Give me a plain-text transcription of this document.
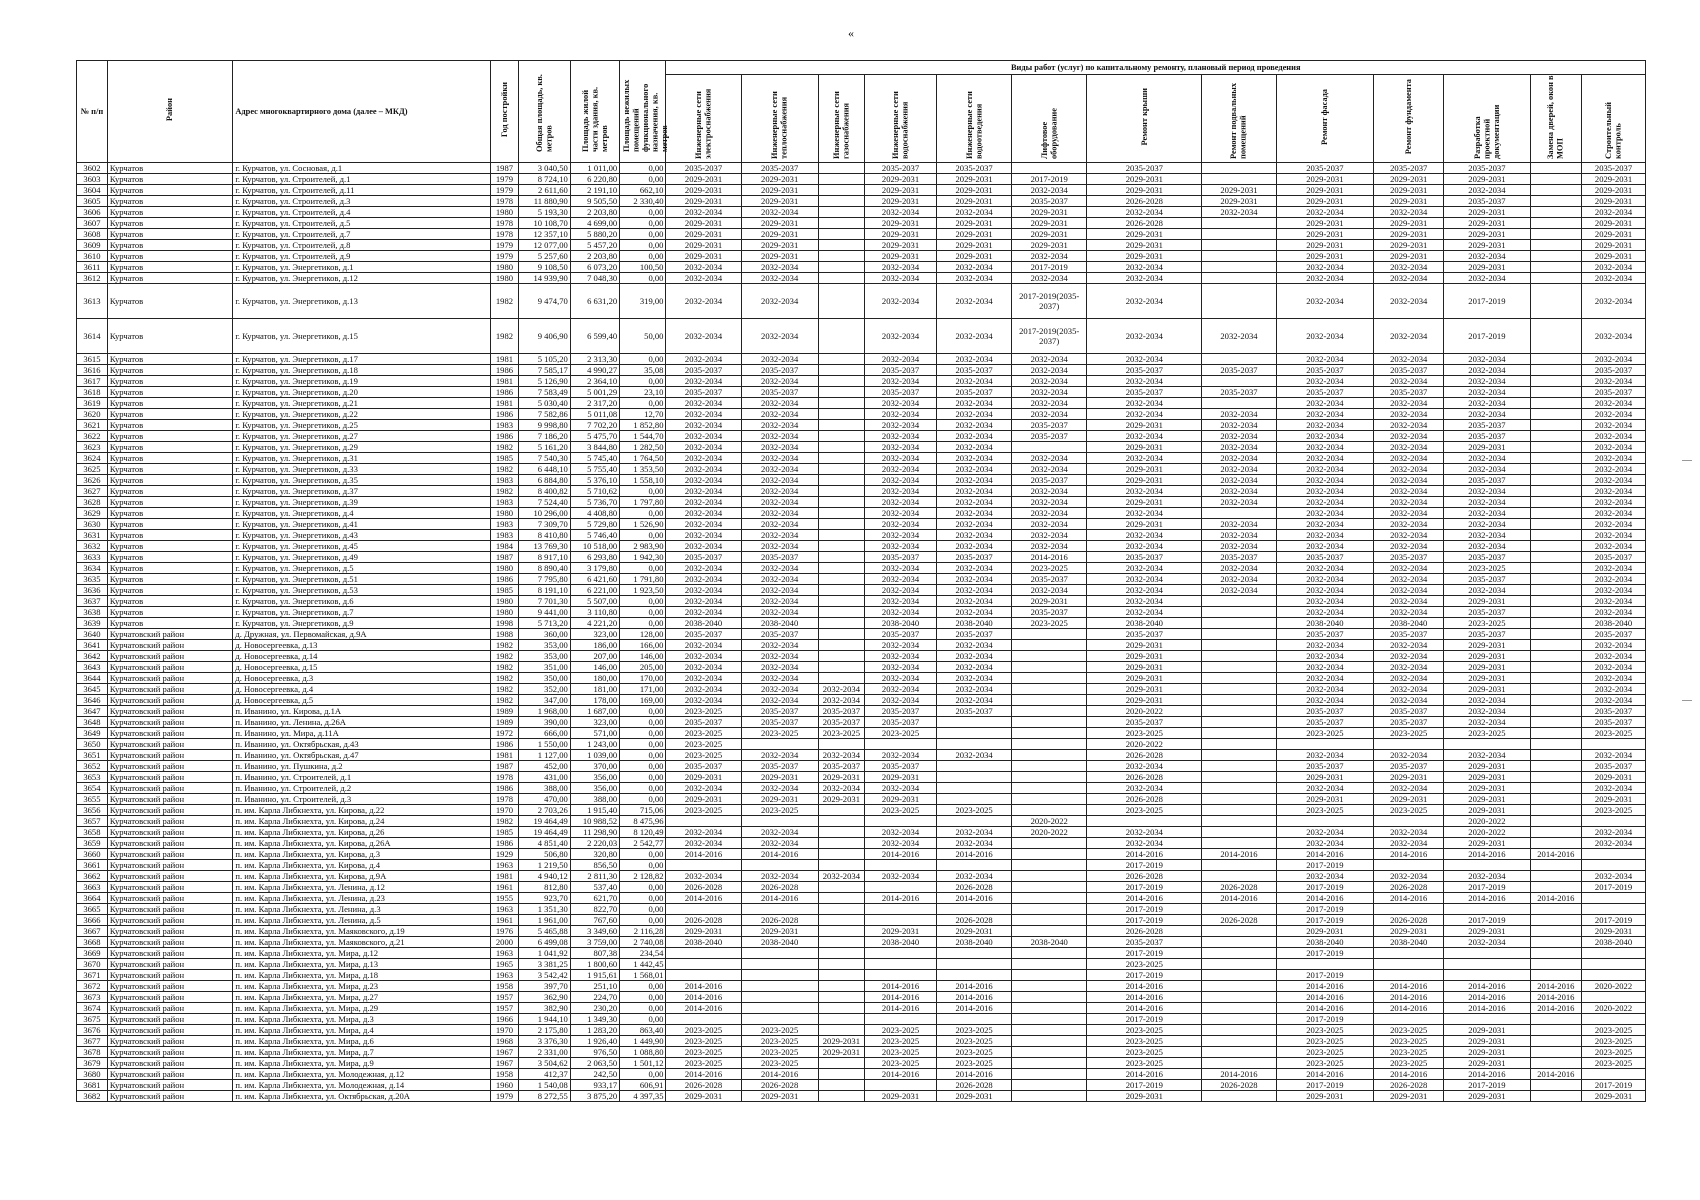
«
№ п/п	Район	Адрес многоквартирного дома (далее – МКД)	Год постройки	Общая площадь, кв. метров	Площадь жилой части здания, кв. метров	Площадь нежилых помещений функционального назначения, кв. метров	Виды работ (услуг) по капитальному ремонту, плановый период проведения												
							Инженерные сети электроснабжения	Инженерные сети теплоснабжения	Инженерные сети газоснабжения	Инженерные сети водоснабжения	Инженерные сети водоотведения	Лифтовое оборудование	Ремонт крыши	Ремонт подвальных помещений	Ремонт фасада	Ремонт фундамента	Разработка проектной документации	Замена дверей, окон в МОП	Строительный контроль
3602	Курчатов	г. Курчатов, ул. Сосновая, д.1	1987	3 040,50	1 011,00	0,00	2035-2037	2035-2037		2035-2037	2035-2037		2035-2037		2035-2037	2035-2037	2035-2037		2035-2037
3603	Курчатов	г. Курчатов, ул. Строителей, д.1	1979	8 724,10	6 220,80	0,00	2029-2031	2029-2031		2029-2031	2029-2031	2017-2019	2029-2031		2029-2031	2029-2031	2029-2031		2029-2031
3604	Курчатов	г. Курчатов, ул. Строителей, д.11	1979	2 611,60	2 191,10	662,10	2029-2031	2029-2031		2029-2031	2029-2031	2032-2034	2029-2031	2029-2031	2029-2031	2029-2031	2032-2034		2029-2031
3605	Курчатов	г. Курчатов, ул. Строителей, д.3	1978	11 880,90	9 505,50	2 330,40	2029-2031	2029-2031		2029-2031	2029-2031	2035-2037	2026-2028	2029-2031	2029-2031	2029-2031	2035-2037		2029-2031
3606	Курчатов	г. Курчатов, ул. Строителей, д.4	1980	5 193,30	2 203,80	0,00	2032-2034	2032-2034		2032-2034	2032-2034	2029-2031	2032-2034	2032-2034	2032-2034	2032-2034	2029-2031		2032-2034
3607	Курчатов	г. Курчатов, ул. Строителей, д.5	1978	10 108,70	4 699,00	0,00	2029-2031	2029-2031		2029-2031	2029-2031	2029-2031	2026-2028		2029-2031	2029-2031	2029-2031		2029-2031
3608	Курчатов	г. Курчатов, ул. Строителей, д.7	1978	12 357,10	5 880,20	0,00	2029-2031	2029-2031		2029-2031	2029-2031	2029-2031	2029-2031		2029-2031	2029-2031	2029-2031		2029-2031
3609	Курчатов	г. Курчатов, ул. Строителей, д.8	1979	12 077,00	5 457,20	0,00	2029-2031	2029-2031		2029-2031	2029-2031	2029-2031	2029-2031		2029-2031	2029-2031	2029-2031		2029-2031
3610	Курчатов	г. Курчатов, ул. Строителей, д.9	1979	5 257,60	2 203,80	0,00	2029-2031	2029-2031		2029-2031	2029-2031	2032-2034	2029-2031		2029-2031	2029-2031	2032-2034		2029-2031
3611	Курчатов	г. Курчатов, ул. Энергетиков, д.1	1980	9 108,50	6 073,20	100,50	2032-2034	2032-2034		2032-2034	2032-2034	2017-2019	2032-2034		2032-2034	2032-2034	2029-2031		2032-2034
3612	Курчатов	г. Курчатов, ул. Энергетиков, д.12	1980	14 939,90	7 048,30	0,00	2032-2034	2032-2034		2032-2034	2032-2034	2032-2034	2032-2034		2032-2034	2032-2034	2032-2034		2032-2034
3613	Курчатов	г. Курчатов, ул. Энергетиков, д.13	1982	9 474,70	6 631,20	319,00	2032-2034	2032-2034		2032-2034	2032-2034	2017-2019(2035-2037)	2032-2034		2032-2034	2032-2034	2017-2019		2032-2034
3614	Курчатов	г. Курчатов, ул. Энергетиков, д.15	1982	9 406,90	6 599,40	50,00	2032-2034	2032-2034		2032-2034	2032-2034	2017-2019(2035-2037)	2032-2034	2032-2034	2032-2034	2032-2034	2017-2019		2032-2034
3615	Курчатов	г. Курчатов, ул. Энергетиков, д.17	1981	5 105,20	2 313,30	0,00	2032-2034	2032-2034		2032-2034	2032-2034	2032-2034	2032-2034		2032-2034	2032-2034	2032-2034		2032-2034
3616	Курчатов	г. Курчатов, ул. Энергетиков, д.18	1986	7 585,17	4 990,27	35,08	2035-2037	2035-2037		2035-2037	2035-2037	2032-2034	2035-2037	2035-2037	2035-2037	2035-2037	2032-2034		2035-2037
3617	Курчатов	г. Курчатов, ул. Энергетиков, д.19	1981	5 126,90	2 364,10	0,00	2032-2034	2032-2034		2032-2034	2032-2034	2032-2034	2032-2034		2032-2034	2032-2034	2032-2034		2032-2034
3618	Курчатов	г. Курчатов, ул. Энергетиков, д.20	1986	7 583,49	5 001,29	23,10	2035-2037	2035-2037		2035-2037	2035-2037	2032-2034	2035-2037	2035-2037	2035-2037	2035-2037	2032-2034		2035-2037
3619	Курчатов	г. Курчатов, ул. Энергетиков, д.21	1981	5 030,40	2 317,20	0,00	2032-2034	2032-2034		2032-2034	2032-2034	2032-2034	2032-2034		2032-2034	2032-2034	2032-2034		2032-2034
3620	Курчатов	г. Курчатов, ул. Энергетиков, д.22	1986	7 582,86	5 011,08	12,70	2032-2034	2032-2034		2032-2034	2032-2034	2032-2034	2032-2034	2032-2034	2032-2034	2032-2034	2032-2034		2032-2034
3621	Курчатов	г. Курчатов, ул. Энергетиков, д.25	1983	9 998,80	7 702,20	1 852,80	2032-2034	2032-2034		2032-2034	2032-2034	2035-2037	2029-2031	2032-2034	2032-2034	2032-2034	2035-2037		2032-2034
3622	Курчатов	г. Курчатов, ул. Энергетиков, д.27	1986	7 186,20	5 475,70	1 544,70	2032-2034	2032-2034		2032-2034	2032-2034	2035-2037	2032-2034	2032-2034	2032-2034	2032-2034	2035-2037		2032-2034
3623	Курчатов	г. Курчатов, ул. Энергетиков, д.29	1982	5 161,20	3 844,80	1 282,50	2032-2034	2032-2034		2032-2034	2032-2034		2029-2031	2032-2034	2032-2034	2032-2034	2029-2031		2032-2034
3624	Курчатов	г. Курчатов, ул. Энергетиков, д.31	1985	7 540,30	5 745,40	1 764,50	2032-2034	2032-2034		2032-2034	2032-2034	2032-2034	2032-2034	2032-2034	2032-2034	2032-2034	2032-2034		2032-2034
3625	Курчатов	г. Курчатов, ул. Энергетиков, д.33	1982	6 448,10	5 755,40	1 353,50	2032-2034	2032-2034		2032-2034	2032-2034	2032-2034	2029-2031	2032-2034	2032-2034	2032-2034	2032-2034		2032-2034
3626	Курчатов	г. Курчатов, ул. Энергетиков, д.35	1983	6 884,80	5 376,10	1 558,10	2032-2034	2032-2034		2032-2034	2032-2034	2035-2037	2029-2031	2032-2034	2032-2034	2032-2034	2035-2037		2032-2034
3627	Курчатов	г. Курчатов, ул. Энергетиков, д.37	1982	8 400,82	5 710,62	0,00	2032-2034	2032-2034		2032-2034	2032-2034	2032-2034	2032-2034	2032-2034	2032-2034	2032-2034	2032-2034		2032-2034
3628	Курчатов	г. Курчатов, ул. Энергетиков, д.39	1983	7 524,40	5 736,70	1 797,80	2032-2034	2032-2034		2032-2034	2032-2034	2032-2034	2029-2031	2032-2034	2032-2034	2032-2034	2032-2034		2032-2034
3629	Курчатов	г. Курчатов, ул. Энергетиков, д.4	1980	10 296,00	4 408,80	0,00	2032-2034	2032-2034		2032-2034	2032-2034	2032-2034	2032-2034		2032-2034	2032-2034	2032-2034		2032-2034
3630	Курчатов	г. Курчатов, ул. Энергетиков, д.41	1983	7 309,70	5 729,80	1 526,90	2032-2034	2032-2034		2032-2034	2032-2034	2032-2034	2029-2031	2032-2034	2032-2034	2032-2034	2032-2034		2032-2034
3631	Курчатов	г. Курчатов, ул. Энергетиков, д.43	1983	8 410,80	5 746,40	0,00	2032-2034	2032-2034		2032-2034	2032-2034	2032-2034	2032-2034	2032-2034	2032-2034	2032-2034	2032-2034		2032-2034
3632	Курчатов	г. Курчатов, ул. Энергетиков, д.45	1984	13 769,30	10 518,00	2 983,90	2032-2034	2032-2034		2032-2034	2032-2034	2032-2034	2032-2034	2032-2034	2032-2034	2032-2034	2032-2034		2032-2034
3633	Курчатов	г. Курчатов, ул. Энергетиков, д.49	1987	8 917,10	6 293,80	1 942,30	2035-2037	2035-2037		2035-2037	2035-2037	2014-2016	2035-2037	2035-2037	2035-2037	2035-2037	2035-2037		2035-2037
3634	Курчатов	г. Курчатов, ул. Энергетиков, д.5	1980	8 890,40	3 179,80	0,00	2032-2034	2032-2034		2032-2034	2032-2034	2023-2025	2032-2034	2032-2034	2032-2034	2032-2034	2023-2025		2032-2034
3635	Курчатов	г. Курчатов, ул. Энергетиков, д.51	1986	7 795,80	6 421,60	1 791,80	2032-2034	2032-2034		2032-2034	2032-2034	2035-2037	2032-2034	2032-2034	2032-2034	2032-2034	2035-2037		2032-2034
3636	Курчатов	г. Курчатов, ул. Энергетиков, д.53	1985	8 191,10	6 221,00	1 923,50	2032-2034	2032-2034		2032-2034	2032-2034	2032-2034	2032-2034	2032-2034	2032-2034	2032-2034	2032-2034		2032-2034
3637	Курчатов	г. Курчатов, ул. Энергетиков, д.6	1980	7 701,30	5 507,00	0,00	2032-2034	2032-2034		2032-2034	2032-2034	2029-2031	2032-2034		2032-2034	2032-2034	2029-2031		2032-2034
3638	Курчатов	г. Курчатов, ул. Энергетиков, д.7	1980	9 441,00	3 110,80	0,00	2032-2034	2032-2034		2032-2034	2032-2034	2035-2037	2032-2034		2032-2034	2032-2034	2035-2037		2032-2034
3639	Курчатов	г. Курчатов, ул. Энергетиков, д.9	1998	5 713,20	4 221,20	0,00	2038-2040	2038-2040		2038-2040	2038-2040	2023-2025	2038-2040		2038-2040	2038-2040	2023-2025		2038-2040
3640	Курчатовский район	д. Дружная, ул. Первомайская, д.9А	1988	360,00	323,00	128,00	2035-2037	2035-2037		2035-2037	2035-2037		2035-2037		2035-2037	2035-2037	2035-2037		2035-2037
3641	Курчатовский район	д. Новосергеевка, д.13	1982	353,00	186,00	166,00	2032-2034	2032-2034		2032-2034	2032-2034		2029-2031		2032-2034	2032-2034	2029-2031		2032-2034
3642	Курчатовский район	д. Новосергеевка, д.14	1982	353,00	207,00	146,00	2032-2034	2032-2034		2032-2034	2032-2034		2029-2031		2032-2034	2032-2034	2029-2031		2032-2034
3643	Курчатовский район	д. Новосергеевка, д.15	1982	351,00	146,00	205,00	2032-2034	2032-2034		2032-2034	2032-2034		2029-2031		2032-2034	2032-2034	2029-2031		2032-2034
3644	Курчатовский район	д. Новосергеевка, д.3	1982	350,00	180,00	170,00	2032-2034	2032-2034		2032-2034	2032-2034		2029-2031		2032-2034	2032-2034	2029-2031		2032-2034
3645	Курчатовский район	д. Новосергеевка, д.4	1982	352,00	181,00	171,00	2032-2034	2032-2034	2032-2034	2032-2034	2032-2034		2029-2031		2032-2034	2032-2034	2029-2031		2032-2034
3646	Курчатовский район	д. Новосергеевка, д.5	1982	347,00	178,00	169,00	2032-2034	2032-2034	2032-2034	2032-2034	2032-2034		2029-2031		2032-2034	2032-2034	2032-2034		2032-2034
3647	Курчатовский район	п. Иванино, ул. Кирова, д.1А	1989	1 968,00	1 687,00	0,00	2023-2025	2035-2037	2035-2037	2035-2037	2035-2037		2020-2022		2035-2037	2035-2037	2032-2034		2035-2037
3648	Курчатовский район	п. Иванино, ул. Ленина, д.26А	1989	390,00	323,00	0,00	2035-2037	2035-2037	2035-2037	2035-2037			2035-2037		2035-2037	2035-2037	2032-2034		2035-2037
3649	Курчатовский район	п. Иванино, ул. Мира, д.11А	1972	666,00	571,00	0,00	2023-2025	2023-2025	2023-2025	2023-2025			2023-2025		2023-2025	2023-2025	2023-2025		2023-2025
3650	Курчатовский район	п. Иванино, ул. Октябрьская, д.43	1986	1 550,00	1 243,00	0,00	2023-2025						2020-2022						
3651	Курчатовский район	п. Иванино, ул. Октябрьская, д.47	1981	1 127,00	1 039,00	0,00	2023-2025	2032-2034	2032-2034	2032-2034	2032-2034		2026-2028		2032-2034	2032-2034	2032-2034		2032-2034
3652	Курчатовский район	п. Иванино, ул. Пушкина, д.2	1987	452,00	370,00	0,00	2035-2037	2035-2037	2035-2037	2035-2037			2032-2034		2035-2037	2035-2037	2029-2031		2035-2037
3653	Курчатовский район	п. Иванино, ул. Строителей, д.1	1978	431,00	356,00	0,00	2029-2031	2029-2031	2029-2031	2029-2031			2026-2028		2029-2031	2029-2031	2029-2031		2029-2031
3654	Курчатовский район	п. Иванино, ул. Строителей, д.2	1986	388,00	356,00	0,00	2032-2034	2032-2034	2032-2034	2032-2034			2032-2034		2032-2034	2032-2034	2029-2031		2032-2034
3655	Курчатовский район	п. Иванино, ул. Строителей, д.3	1978	470,00	388,00	0,00	2029-2031	2029-2031	2029-2031	2029-2031			2026-2028		2029-2031	2029-2031	2029-2031		2029-2031
3656	Курчатовский район	п. им. Карла Либкнехта, ул. Кирова, д.22	1970	2 703,26	1 915,40	715,06	2023-2025	2023-2025		2023-2025	2023-2025		2023-2025		2023-2025	2023-2025	2029-2031		2023-2025
3657	Курчатовский район	п. им. Карла Либкнехта, ул. Кирова, д.24	1982	19 464,49	10 988,52	8 475,96						2020-2022					2020-2022		
3658	Курчатовский район	п. им. Карла Либкнехта, ул. Кирова, д.26	1985	19 464,49	11 298,90	8 120,49	2032-2034	2032-2034		2032-2034	2032-2034	2020-2022	2032-2034		2032-2034	2032-2034	2020-2022		2032-2034
3659	Курчатовский район	п. им. Карла Либкнехта, ул. Кирова, д.26А	1986	4 851,40	2 220,03	2 542,77	2032-2034	2032-2034		2032-2034	2032-2034		2032-2034		2032-2034	2032-2034	2029-2031		2032-2034
3660	Курчатовский район	п. им. Карла Либкнехта, ул. Кирова, д.3	1929	506,80	320,80	0,00	2014-2016	2014-2016		2014-2016	2014-2016		2014-2016	2014-2016	2014-2016	2014-2016	2014-2016	2014-2016	
3661	Курчатовский район	п. им. Карла Либкнехта, ул. Кирова, д.4	1963	1 219,50	856,50	0,00							2017-2019		2017-2019				
3662	Курчатовский район	п. им. Карла Либкнехта, ул. Кирова, д.9А	1981	4 940,12	2 811,30	2 128,82	2032-2034	2032-2034	2032-2034	2032-2034	2032-2034		2026-2028		2032-2034	2032-2034	2032-2034		2032-2034
3663	Курчатовский район	п. им. Карла Либкнехта, ул. Ленина, д.12	1961	812,80	537,40	0,00	2026-2028	2026-2028			2026-2028		2017-2019	2026-2028	2017-2019	2026-2028	2017-2019		2017-2019
3664	Курчатовский район	п. им. Карла Либкнехта, ул. Ленина, д.23	1955	923,70	621,70	0,00	2014-2016	2014-2016		2014-2016	2014-2016		2014-2016	2014-2016	2014-2016	2014-2016	2014-2016	2014-2016	
3665	Курчатовский район	п. им. Карла Либкнехта, ул. Ленина, д.3	1963	1 351,30	822,70	0,00							2017-2019		2017-2019				
3666	Курчатовский район	п. им. Карла Либкнехта, ул. Ленина, д.5	1961	1 961,00	767,60	0,00	2026-2028	2026-2028			2026-2028		2017-2019	2026-2028	2017-2019	2026-2028	2017-2019		2017-2019
3667	Курчатовский район	п. им. Карла Либкнехта, ул. Маяковского, д.19	1976	5 465,88	3 349,60	2 116,28	2029-2031	2029-2031		2029-2031	2029-2031		2026-2028		2029-2031	2029-2031	2029-2031		2029-2031
3668	Курчатовский район	п. им. Карла Либкнехта, ул. Маяковского, д.21	2000	6 499,08	3 759,00	2 740,08	2038-2040	2038-2040		2038-2040	2038-2040	2038-2040	2035-2037		2038-2040	2038-2040	2032-2034		2038-2040
3669	Курчатовский район	п. им. Карла Либкнехта, ул. Мира, д.12	1963	1 041,92	807,38	234,54							2017-2019		2017-2019				
3670	Курчатовский район	п. им. Карла Либкнехта, ул. Мира, д.13	1965	3 381,25	1 800,60	1 442,45							2023-2025						
3671	Курчатовский район	п. им. Карла Либкнехта, ул. Мира, д.18	1963	3 542,42	1 915,61	1 568,01							2017-2019		2017-2019				
3672	Курчатовский район	п. им. Карла Либкнехта, ул. Мира, д.23	1958	397,70	251,10	0,00	2014-2016			2014-2016	2014-2016		2014-2016		2014-2016	2014-2016	2014-2016	2014-2016	2020-2022
3673	Курчатовский район	п. им. Карла Либкнехта, ул. Мира, д.27	1957	362,90	224,70	0,00	2014-2016			2014-2016	2014-2016		2014-2016		2014-2016	2014-2016	2014-2016	2014-2016	
3674	Курчатовский район	п. им. Карла Либкнехта, ул. Мира, д.29	1957	382,90	230,20	0,00	2014-2016			2014-2016	2014-2016		2014-2016		2014-2016	2014-2016	2014-2016	2014-2016	2020-2022
3675	Курчатовский район	п. им. Карла Либкнехта, ул. Мира, д.3	1966	1 944,10	1 349,30	0,00							2017-2019		2017-2019				
3676	Курчатовский район	п. им. Карла Либкнехта, ул. Мира, д.4	1970	2 175,80	1 283,20	863,40	2023-2025	2023-2025		2023-2025	2023-2025		2023-2025		2023-2025	2023-2025	2029-2031		2023-2025
3677	Курчатовский район	п. им. Карла Либкнехта, ул. Мира, д.6	1968	3 376,30	1 926,40	1 449,90	2023-2025	2023-2025	2029-2031	2023-2025	2023-2025		2023-2025		2023-2025	2023-2025	2029-2031		2023-2025
3678	Курчатовский район	п. им. Карла Либкнехта, ул. Мира, д.7	1967	2 331,00	976,50	1 088,80	2023-2025	2023-2025	2029-2031	2023-2025	2023-2025		2023-2025		2023-2025	2023-2025	2029-2031		2023-2025
3679	Курчатовский район	п. им. Карла Либкнехта, ул. Мира, д.9	1967	3 504,62	2 063,50	1 501,12	2023-2025	2023-2025		2023-2025	2023-2025		2023-2025		2023-2025	2023-2025	2029-2031		2023-2025
3680	Курчатовский район	п. им. Карла Либкнехта, ул. Молодежная, д.12	1958	412,37	242,50	0,00	2014-2016	2014-2016		2014-2016	2014-2016		2014-2016	2014-2016	2014-2016	2014-2016	2014-2016	2014-2016	
3681	Курчатовский район	п. им. Карла Либкнехта, ул. Молодежная, д.14	1960	1 540,08	933,17	606,91	2026-2028	2026-2028			2026-2028		2017-2019	2026-2028	2017-2019	2026-2028	2017-2019		2017-2019
3682	Курчатовский район	п. им. Карла Либкнехта, ул. Октябрьская, д.20А	1979	8 272,55	3 875,20	4 397,35	2029-2031	2029-2031		2029-2031	2029-2031		2029-2031		2029-2031	2029-2031	2029-2031		2029-2031
